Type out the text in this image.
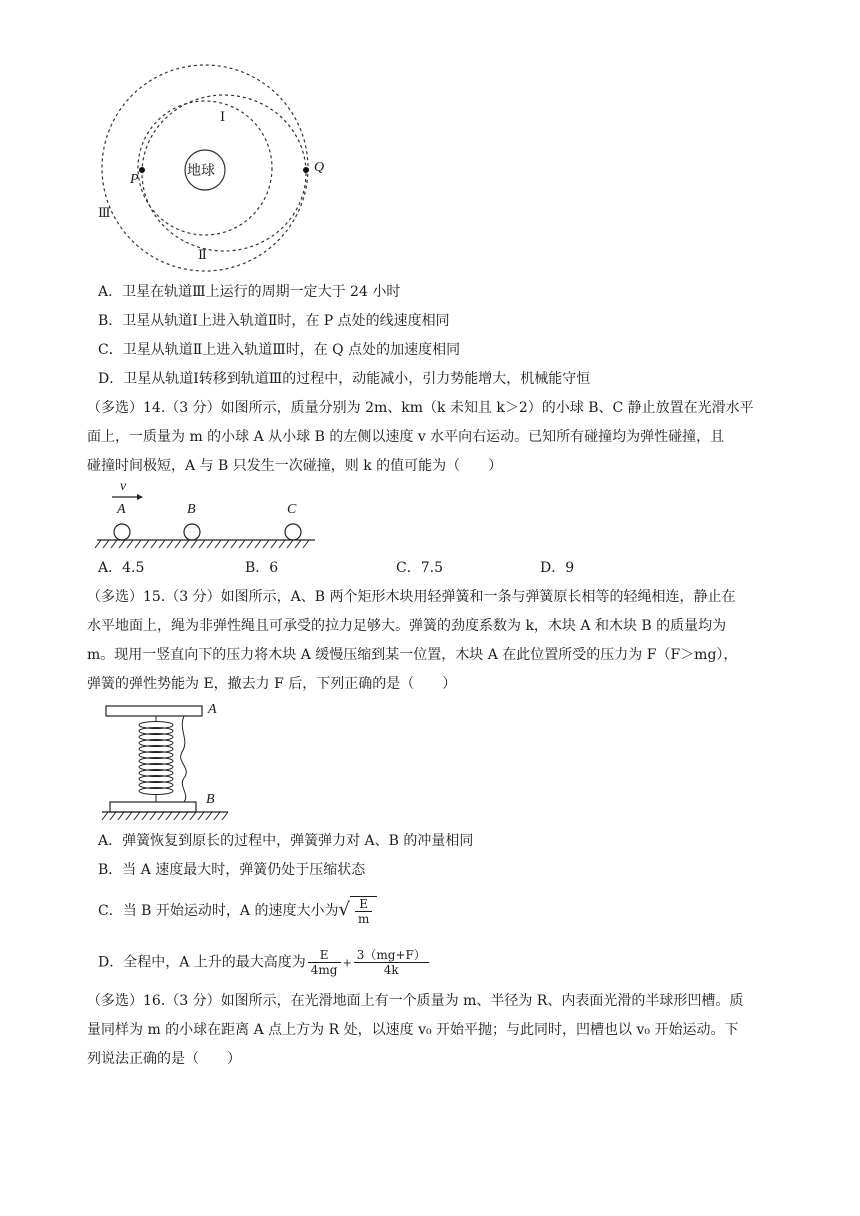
地球
Ⅰ
Ⅱ
Ⅲ
P
Q
A．卫星在轨道Ⅲ上运行的周期一定大于 24 小时
B．卫星从轨道Ⅰ上进入轨道Ⅱ时，在 P 点处的线速度相同
C．卫星从轨道Ⅱ上进入轨道Ⅲ时，在 Q 点处的加速度相同
D．卫星从轨道Ⅰ转移到轨道Ⅲ的过程中，动能减小，引力势能增大，机械能守恒
（多选）14.（3 分）如图所示，质量分别为 2m、km（k 未知且 k＞2）的小球 B、C 静止放置在光滑水平
面上，一质量为 m 的小球 A 从小球 B 的左侧以速度 v 水平向右运动。已知所有碰撞均为弹性碰撞，且
碰撞时间极短，A 与 B 只发生一次碰撞，则 k 的值可能为（　　）
v
A	B	C
A．4.5	B．6	C．7.5	D．9
（多选）15.（3 分）如图所示，A、B 两个矩形木块用轻弹簧和一条与弹簧原长相等的轻绳相连，静止在
水平地面上，绳为非弹性绳且可承受的拉力足够大。弹簧的劲度系数为 k，木块 A 和木块 B 的质量均为
m。现用一竖直向下的压力将木块 A 缓慢压缩到某一位置，木块 A 在此位置所受的压力为 F（F＞mg），
弹簧的弹性势能为 E，撤去力 F 后，下列正确的是（　　）
A
B
A．弹簧恢复到原长的过程中，弹簧弹力对 A、B 的冲量相同
B．当 A 速度最大时，弹簧仍处于压缩状态
C．当 B 开始运动时，A 的速度大小为√ $\frac{E}{m}$
D．全程中，A 上升的最大高度为 $\frac{E}{4mg} + \frac{3(mg+F)}{4k}$
（多选）16.（3 分）如图所示，在光滑地面上有一个质量为 m、半径为 R、内表面光滑的半球形凹槽。质
量同样为 m 的小球在距离 A 点上方为 R 处，以速度 v₀ 开始平抛；与此同时，凹槽也以 v₀ 开始运动。下
列说法正确的是（　　）
